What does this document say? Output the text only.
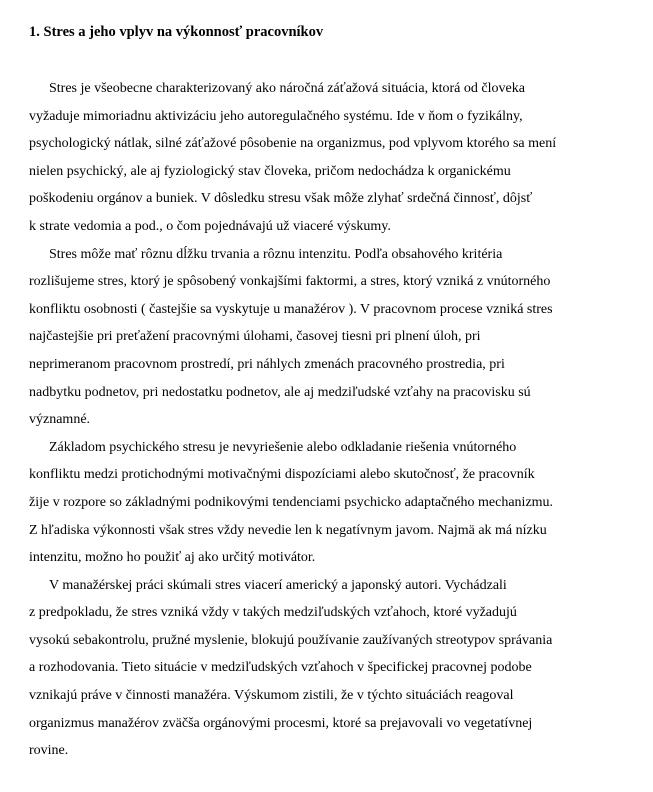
1. Stres a jeho vplyv na výkonnosť pracovníkov
Stres je všeobecne charakterizovaný ako náročná záťažová situácia, ktorá od človeka
vyžaduje mimoriadnu aktivizáciu jeho autoregulačného systému. Ide v ňom o fyzikálny,
psychologický nátlak, silné záťažové pôsobenie na organizmus, pod vplyvom ktorého sa mení
nielen psychický, ale aj fyziologický stav človeka, pričom nedochádza k organickému
poškodeniu orgánov a buniek. V dôsledku stresu však môže zlyhať srdečná činnosť, dôjsť
k strate vedomia a pod., o čom pojednávajú už viaceré výskumy.
Stres môže mať rôznu dĺžku trvania a rôznu intenzitu. Podľa obsahového kritéria
rozlišujeme stres, ktorý je spôsobený vonkajšími faktormi, a stres, ktorý vzniká z vnútorného
konfliktu osobnosti ( častejšie sa vyskytuje u manažérov ). V pracovnom procese vzniká stres
najčastejšie pri preťažení pracovnými úlohami, časovej tiesni pri plnení úloh, pri
neprimeranom pracovnom prostredí, pri náhlych zmenách pracovného prostredia, pri
nadbytku podnetov, pri nedostatku podnetov, ale aj medziľudské vzťahy na pracovisku sú
významné.
Základom psychického stresu je nevyriešenie alebo odkladanie riešenia vnútorného
konfliktu medzi protichodnými motivačnými dispozíciami alebo skutočnosť, že pracovník
žije v rozpore so základnými podnikovými tendenciami psychicko adaptačného mechanizmu.
Z hľadiska výkonnosti však stres vždy nevedie len k negatívnym javom. Najmä ak má nízku
intenzitu, možno ho použiť aj ako určitý motivátor.
V manažérskej práci skúmali stres viacerí americký a japonský autori. Vychádzali
z predpokladu, že stres vzniká vždy v takých medziľudských vzťahoch, ktoré vyžadujú
vysokú sebakontrolu, pružné myslenie, blokujú používanie zaužívaných streotypov správania
a rozhodovania. Tieto situácie v medziľudských vzťahoch v špecifickej pracovnej podobe
vznikajú práve v činnosti manažéra. Výskumom zistili, že v týchto situáciách reagoval
organizmus manažérov zväčša orgánovými procesmi, ktoré sa prejavovali vo vegetatívnej
rovine.
